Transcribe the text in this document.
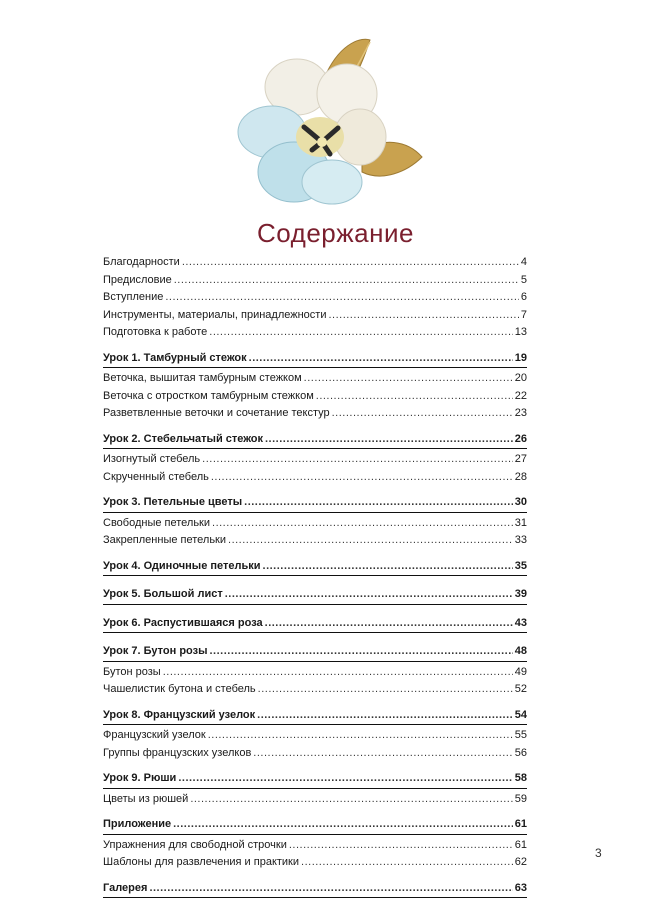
Содержание
Благодарности .....	4
Предисловие .....	5
Вступление .....	6
Инструменты, материалы, принадлежности .....	7
Подготовка к работе .....	13
Урок 1. Тамбурный стежок .....	19
Веточка, вышитая тамбурным стежком .....	20
Веточка с отростком тамбурным стежком .....	22
Разветвленные веточки и сочетание текстур .....	23
Урок 2. Стебельчатый стежок .....	26
Изогнутый стебель .....	27
Скрученный стебель .....	28
Урок 3. Петельные цветы .....	30
Свободные петельки .....	31
Закрепленные петельки .....	33
Урок 4. Одиночные петельки .....	35
Урок 5. Большой лист .....	39
Урок 6. Распустившаяся роза .....	43
Урок 7. Бутон розы .....	48
Бутон розы .....	49
Чашелистик бутона и стебель .....	52
Урок 8. Французский узелок .....	54
Французский узелок .....	55
Группы французских узелков .....	56
Урок 9. Рюши .....	58
Цветы из рюшей .....	59
Приложение .....	61
Упражнения для свободной строчки .....	61
Шаблоны для развлечения и практики .....	62
Галерея .....	63
3
